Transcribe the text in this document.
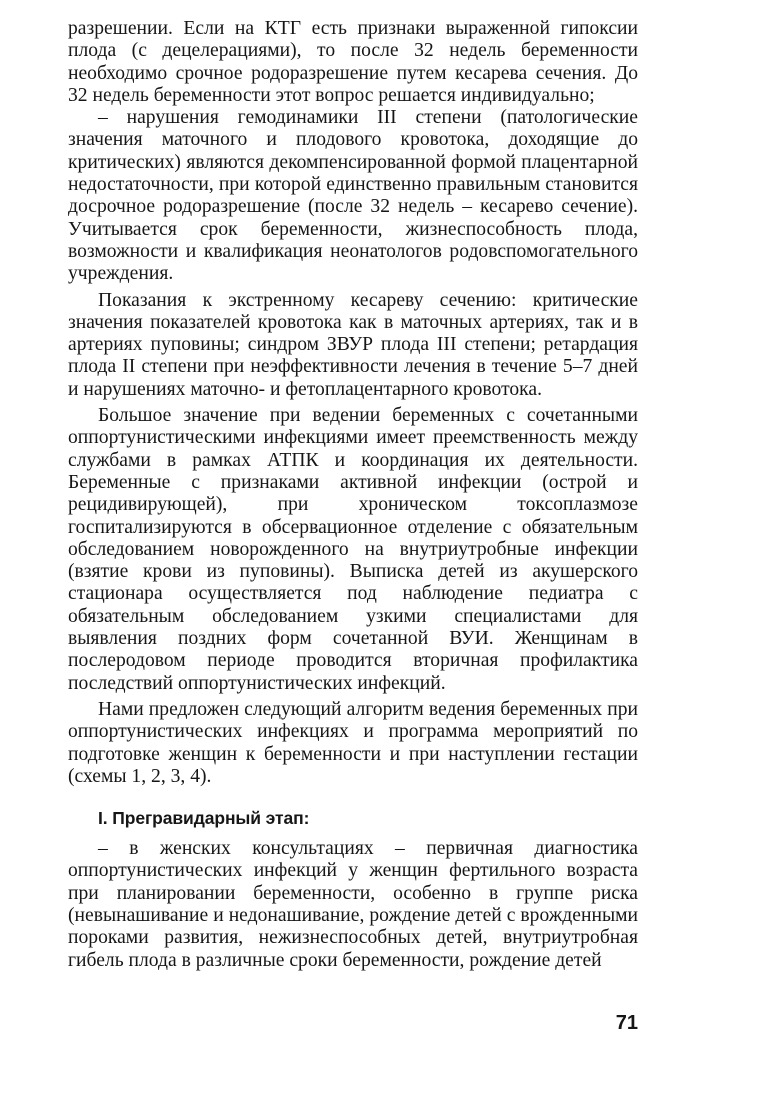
разрешении. Если на КТГ есть признаки выраженной гипоксии плода (с децелерациями), то после 32 недель беременности необходимо срочное родоразрешение путем кесарева сечения. До 32 недель беременности этот вопрос решается индивидуально;

– нарушения гемодинамики III степени (патологические значения маточного и плодового кровотока, доходящие до критических) являются декомпенсированной формой плацентарной недостаточности, при которой единственно правильным становится досрочное родоразрешение (после 32 недель – кесарево сечение). Учитывается срок беременности, жизнеспособность плода, возможности и квалификация неонатологов родовспомогательного учреждения.

Показания к экстренному кесареву сечению: критические значения показателей кровотока как в маточных артериях, так и в артериях пуповины; синдром ЗВУР плода III степени; ретардация плода II степени при неэффективности лечения в течение 5–7 дней и нарушениях маточно- и фетоплацентарного кровотока.

Большое значение при ведении беременных с сочетанными оппортунистическими инфекциями имеет преемственность между службами в рамках АТПК и координация их деятельности. Беременные с признаками активной инфекции (острой и рецидивирующей), при хроническом токсоплазмозе госпитализируются в обсервационное отделение с обязательным обследованием новорожденного на внутриутробные инфекции (взятие крови из пуповины). Выписка детей из акушерского стационара осуществляется под наблюдение педиатра с обязательным обследованием узкими специалистами для выявления поздних форм сочетанной ВУИ. Женщинам в послеродовом периоде проводится вторичная профилактика последствий оппортунистических инфекций.

Нами предложен следующий алгоритм ведения беременных при оппортунистических инфекциях и программа мероприятий по подготовке женщин к беременности и при наступлении гестации (схемы 1, 2, 3, 4).

I. Прегравидарный этап:

– в женских консультациях – первичная диагностика оппортунистических инфекций у женщин фертильного возраста при планировании беременности, особенно в группе риска (невынашивание и недонашивание, рождение детей с врожденными пороками развития, нежизнеспособных детей, внутриутробная гибель плода в различные сроки беременности, рождение детей

71
